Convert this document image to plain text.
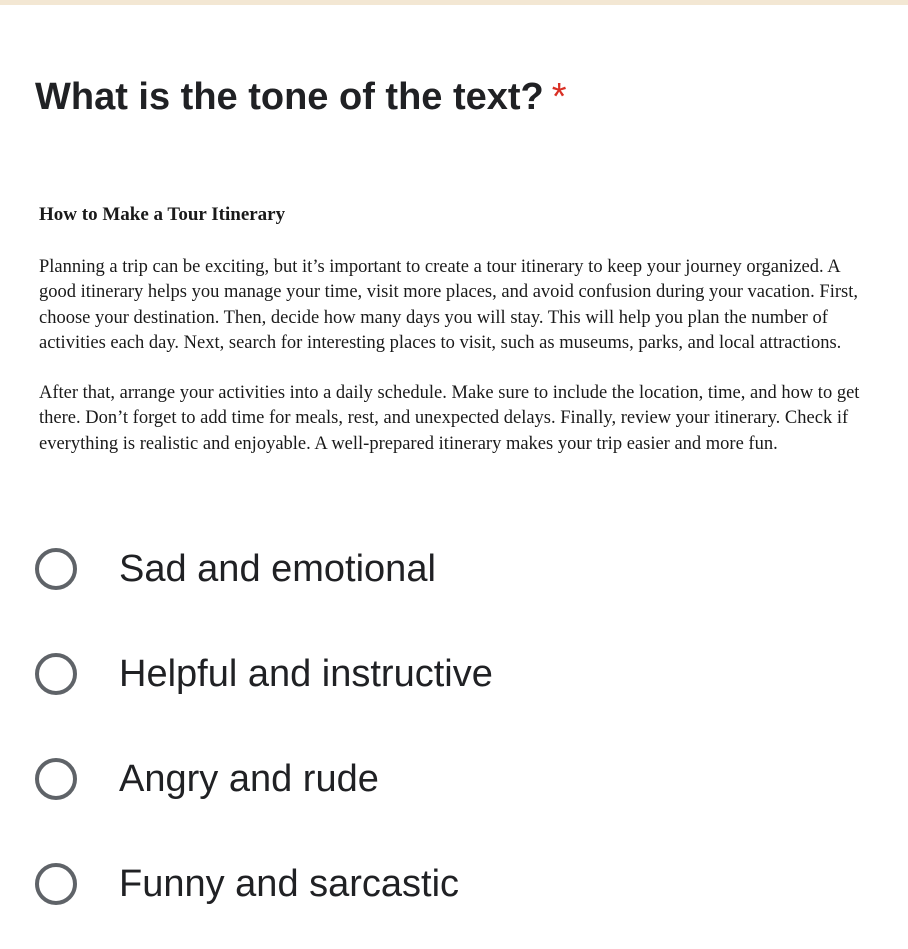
What is the tone of the text? *

How to Make a Tour Itinerary

Planning a trip can be exciting, but it’s important to create a tour itinerary to keep your journey organized. A good itinerary helps you manage your time, visit more places, and avoid confusion during your vacation. First, choose your destination. Then, decide how many days you will stay. This will help you plan the number of activities each day. Next, search for interesting places to visit, such as museums, parks, and local attractions.

After that, arrange your activities into a daily schedule. Make sure to include the location, time, and how to get there. Don’t forget to add time for meals, rest, and unexpected delays. Finally, review your itinerary. Check if everything is realistic and enjoyable. A well-prepared itinerary makes your trip easier and more fun.

Sad and emotional
Helpful and instructive
Angry and rude
Funny and sarcastic
